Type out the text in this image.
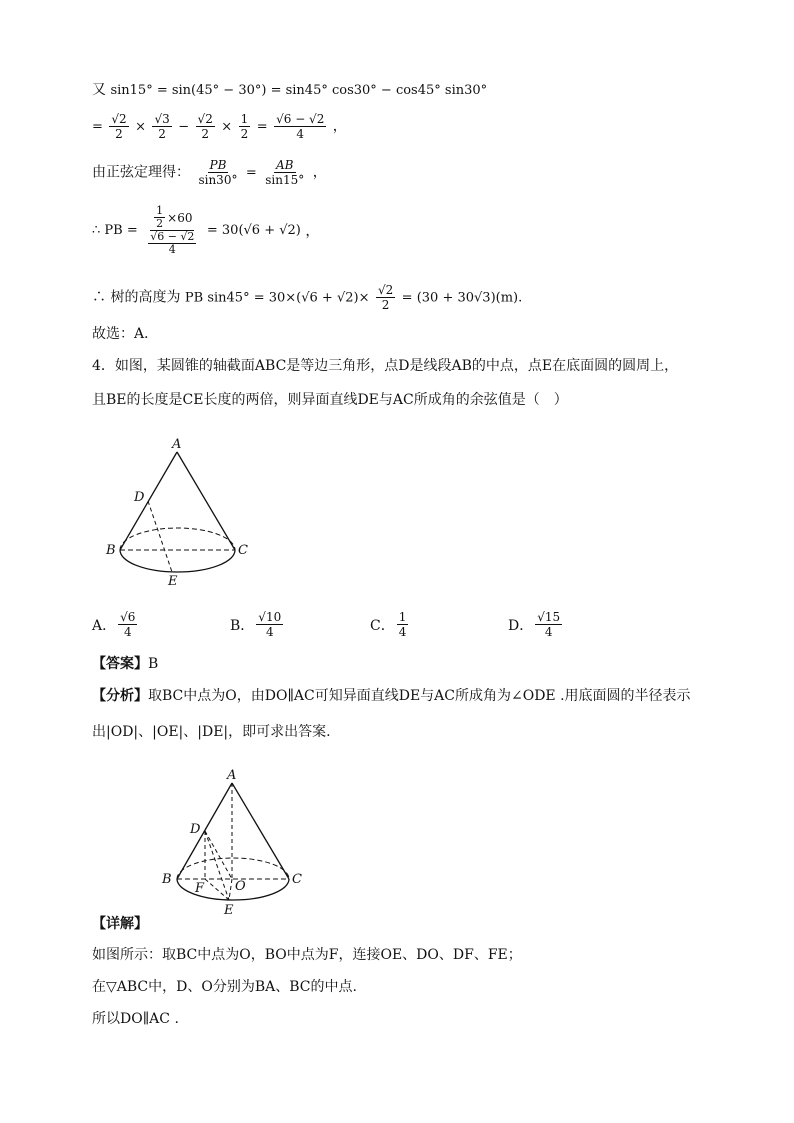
又 sin15° = sin(45° − 30°) = sin45° cos30° − cos45° sin30°
= $\frac{√2}{2} \times \frac{√3}{2} - \frac{√2}{2} \times \frac{1}{2} = \frac{√6 - √2}{4}$ ，
由正弦定理得： $\frac{PB}{\sin 30^\circ} = \frac{AB}{\sin 15^\circ}$ ，
∴ PB = $\frac{\frac{1}{2} \times 60}{\frac{√6 - √2}{4}} = 30(√6 + √2)$ ，
∴ 树的高度为 PB $\sin 45^\circ = 30\times(√6 + √2)\times \frac{√2}{2} = (30 + 30√3)(m)$.
故选：A．
4．如图，某圆锥的轴截面ABC是等边三角形，点D是线段AB的中点，点E在底面圆的圆周上，
且BE的长度是CE长度的两倍，则异面直线DE与AC所成角的余弦值是（　）
A
D
B	C
E
A． $\frac{√6}{4}$	B． $\frac{√10}{4}$	C． $\frac{1}{4}$	D． $\frac{√15}{4}$
【答案】B
【分析】取BC中点为O，由DO∥AC可知异面直线DE与AC所成角为∠ODE .用底面圆的半径表示
出|OD|、|OE|、|DE|，即可求出答案.
A
D
B	C
F O
E
【详解】
如图所示：取BC中点为O，BO中点为F，连接OE、DO、DF、FE；
在▽ABC中，D、O分别为BA、BC的中点.
所以DO∥AC .
